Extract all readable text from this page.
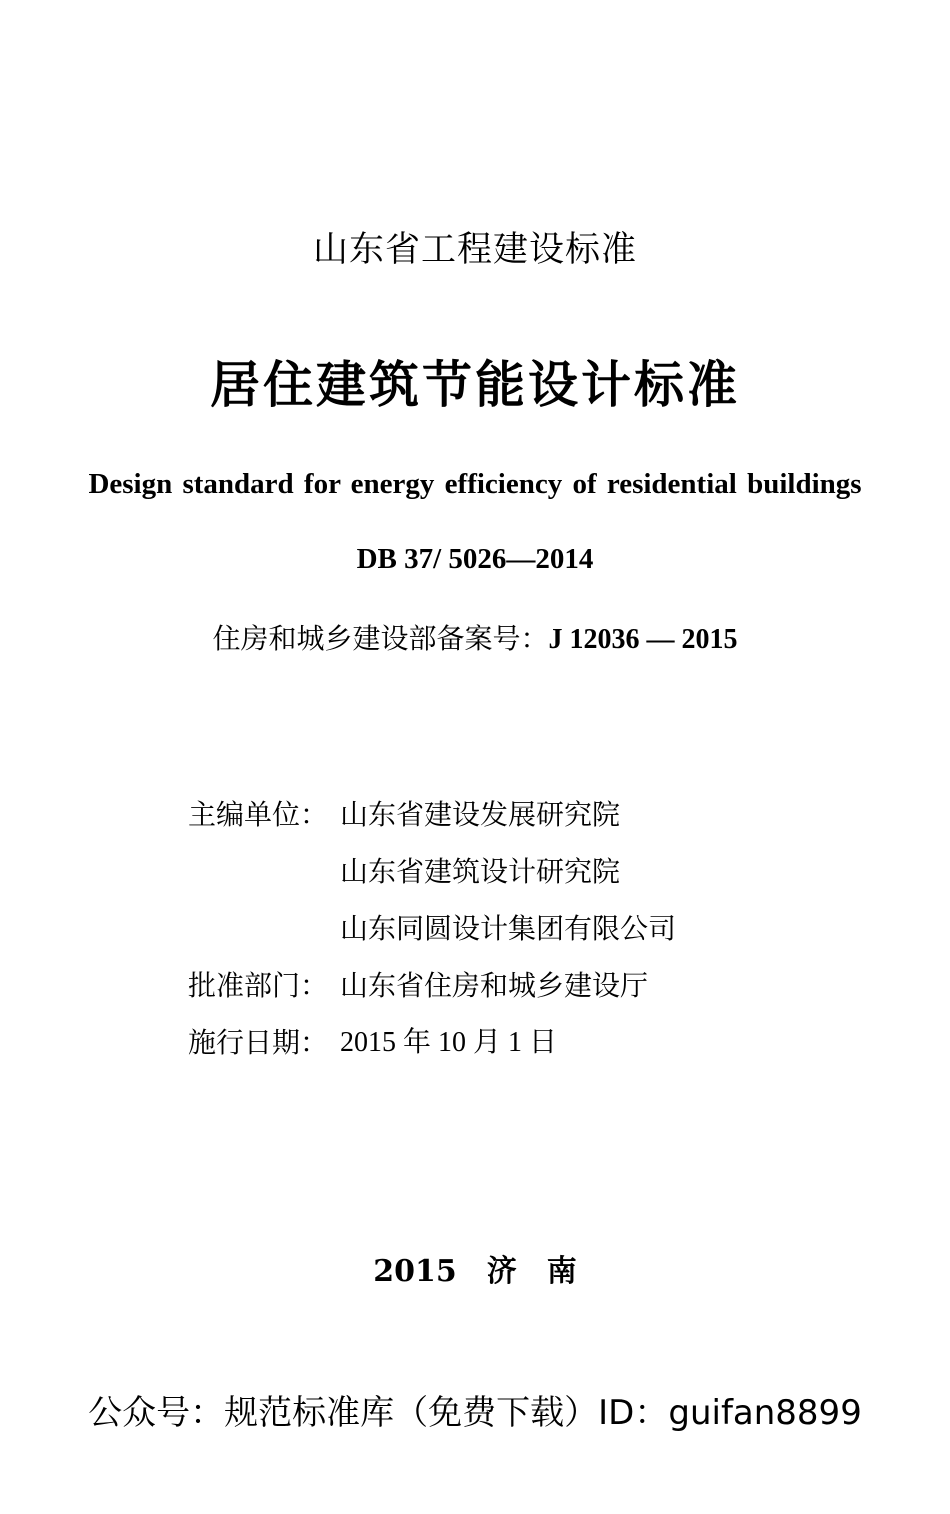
山东省工程建设标准
居住建筑节能设计标准
Design standard for energy efficiency of residential buildings
DB 37/ 5026—2014
住房和城乡建设部备案号：J 12036 — 2015
主编单位： 山东省建设发展研究院
山东省建筑设计研究院
山东同圆设计集团有限公司
批准部门： 山东省住房和城乡建设厅
施行日期： 2015 年 10 月 1 日
2015 济 南
公众号：规范标准库（免费下载）ID：guifan8899
